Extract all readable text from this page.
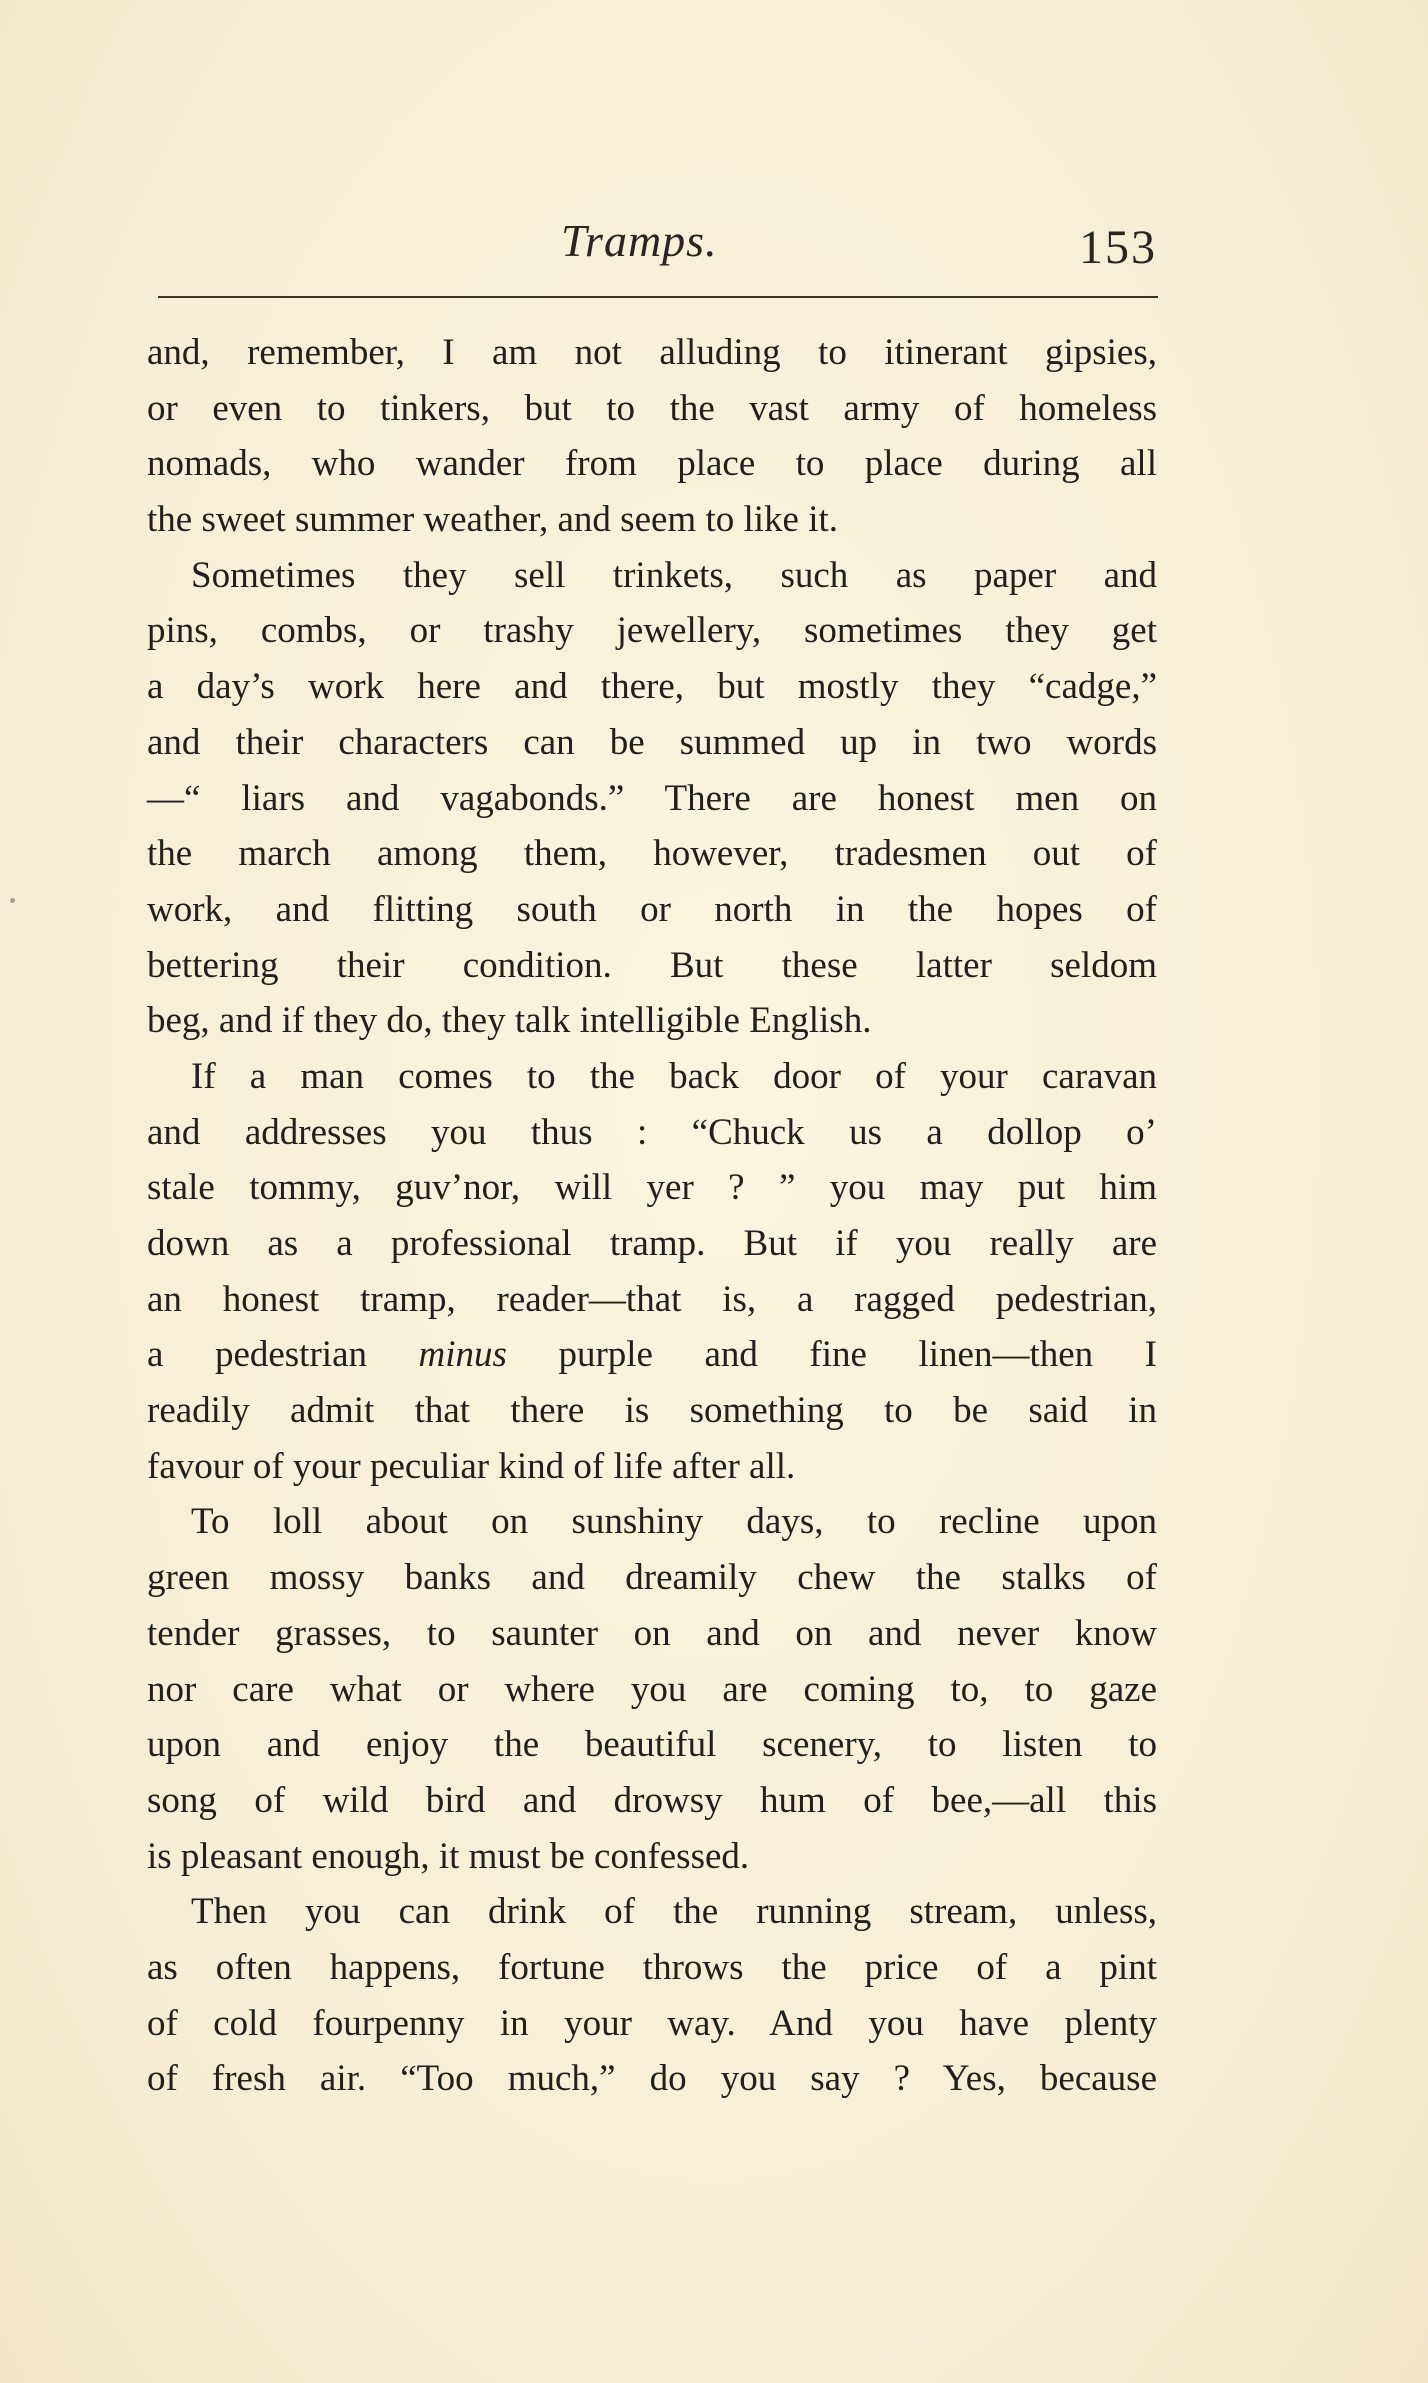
Tramps.	153
and, remember, I am not alluding to itinerant gipsies,
or even to tinkers, but to the vast army of homeless
nomads, who wander from place to place during all
the sweet summer weather, and seem to like it.
Sometimes they sell trinkets, such as paper and
pins, combs, or trashy jewellery, sometimes they get
a day’s work here and there, but mostly they “cadge,”
and their characters can be summed up in two words
—“ liars and vagabonds.” There are honest men on
the march among them, however, tradesmen out of
work, and flitting south or north in the hopes of
bettering their condition. But these latter seldom
beg, and if they do, they talk intelligible English.
If a man comes to the back door of your caravan
and addresses you thus : “Chuck us a dollop o’
stale tommy, guv’nor, will yer ? ” you may put him
down as a professional tramp. But if you really are
an honest tramp, reader—that is, a ragged pedestrian,
a pedestrian minus purple and fine linen—then I
readily admit that there is something to be said in
favour of your peculiar kind of life after all.
To loll about on sunshiny days, to recline upon
green mossy banks and dreamily chew the stalks of
tender grasses, to saunter on and on and never know
nor care what or where you are coming to, to gaze
upon and enjoy the beautiful scenery, to listen to
song of wild bird and drowsy hum of bee,—all this
is pleasant enough, it must be confessed.
Then you can drink of the running stream, unless,
as often happens, fortune throws the price of a pint
of cold fourpenny in your way. And you have plenty
of fresh air. “Too much,” do you say ? Yes, because
